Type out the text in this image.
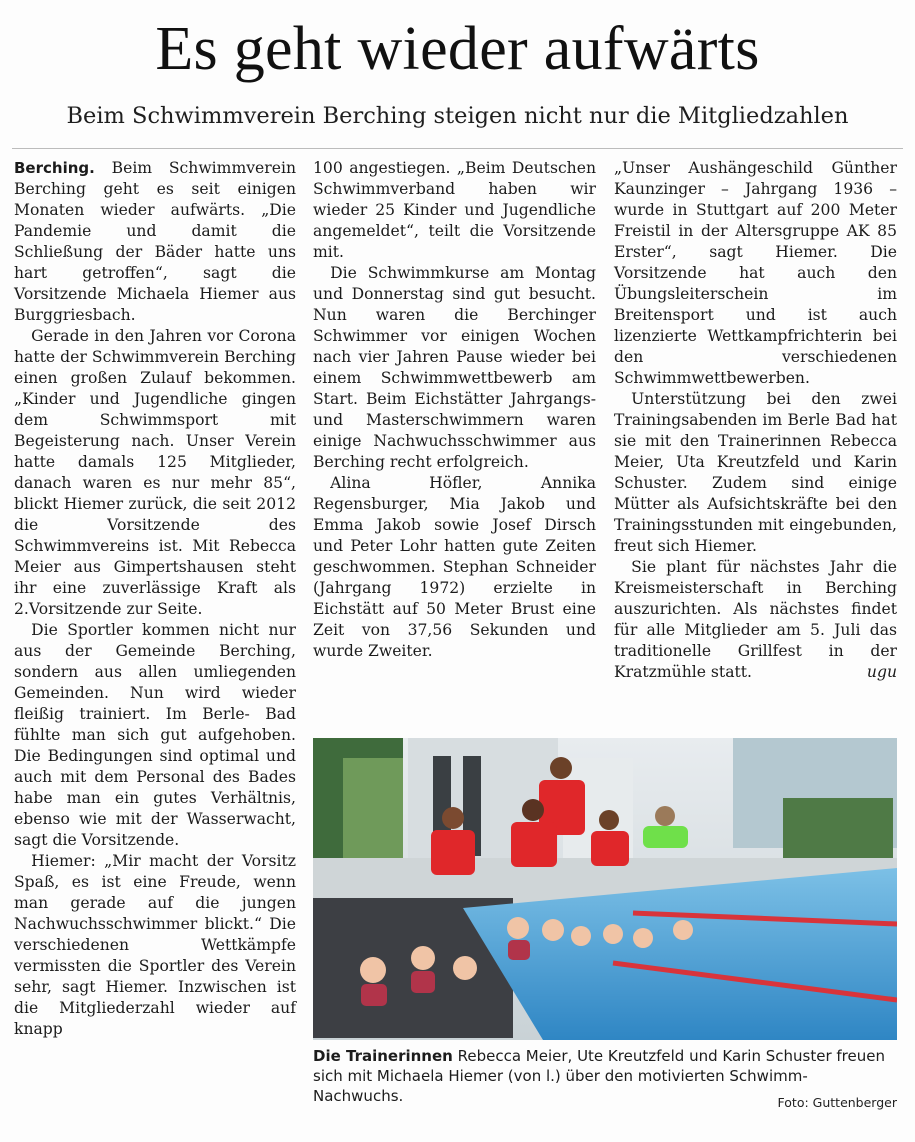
Es geht wieder aufwärts
Beim Schwimmverein Berching steigen nicht nur die Mitgliedzahlen

Berching. Beim Schwimmverein Berching geht es seit einigen Monaten wieder aufwärts. „Die Pandemie und damit die Schließung der Bäder hatte uns hart getroffen“, sagt die Vorsitzende Michaela Hiemer aus Burggriesbach.

Gerade in den Jahren vor Corona hatte der Schwimmverein Berching einen großen Zulauf bekommen. „Kinder und Jugendliche gingen dem Schwimmsport mit Begeisterung nach. Unser Verein hatte damals 125 Mitglieder, danach waren es nur mehr 85“, blickt Hiemer zurück, die seit 2012 die Vorsitzende des Schwimmvereins ist. Mit Rebecca Meier aus Gimpertshausen steht ihr eine zuverlässige Kraft als 2.Vorsitzende zur Seite.

Die Sportler kommen nicht nur aus der Gemeinde Berching, sondern aus allen umliegenden Gemeinden. Nun wird wieder fleißig trainiert. Im Berle- Bad fühlte man sich gut aufgehoben. Die Bedingungen sind optimal und auch mit dem Personal des Bades habe man ein gutes Verhältnis, ebenso wie mit der Wasserwacht, sagt die Vorsitzende.

Hiemer: „Mir macht der Vorsitz Spaß, es ist eine Freude, wenn man gerade auf die jungen Nachwuchsschwimmer blickt.“ Die verschiedenen Wettkämpfe vermissten die Sportler des Verein sehr, sagt Hiemer. Inzwischen ist die Mitgliederzahl wieder auf knapp

100 angestiegen. „Beim Deutschen Schwimmverband haben wir wieder 25 Kinder und Jugendliche angemeldet“, teilt die Vorsitzende mit.

Die Schwimmkurse am Montag und Donnerstag sind gut besucht. Nun waren die Berchinger Schwimmer vor einigen Wochen nach vier Jahren Pause wieder bei einem Schwimmwettbewerb am Start. Beim Eichstätter Jahrgangs- und Masterschwimmern waren einige Nachwuchsschwimmer aus Berching recht erfolgreich.

Alina Höfler, Annika Regensburger, Mia Jakob und Emma Jakob sowie Josef Dirsch und Peter Lohr hatten gute Zeiten geschwommen. Stephan Schneider (Jahrgang 1972) erzielte in Eichstätt auf 50 Meter Brust eine Zeit von 37,56 Sekunden und wurde Zweiter.

„Unser Aushängeschild Günther Kaunzinger – Jahrgang 1936 – wurde in Stuttgart auf 200 Meter Freistil in der Altersgruppe AK 85 Erster“, sagt Hiemer. Die Vorsitzende hat auch den Übungsleiterschein im Breitensport und ist auch lizenzierte Wettkampfrichterin bei den verschiedenen Schwimmwettbewerben.

Unterstützung bei den zwei Trainingsabenden im Berle Bad hat sie mit den Trainerinnen Rebecca Meier, Uta Kreutzfeld und Karin Schuster. Zudem sind einige Mütter als Aufsichtskräfte bei den Trainingsstunden mit eingebunden, freut sich Hiemer.

Sie plant für nächstes Jahr die Kreismeisterschaft in Berching auszurichten. Als nächstes findet für alle Mitglieder am 5. Juli das traditionelle Grillfest in der Kratzmühle statt.	ugu

Die Trainerinnen Rebecca Meier, Ute Kreutzfeld und Karin Schuster freuen sich mit Michaela Hiemer (von l.) über den motivierten Schwimm-Nachwuchs.	Foto: Guttenberger
